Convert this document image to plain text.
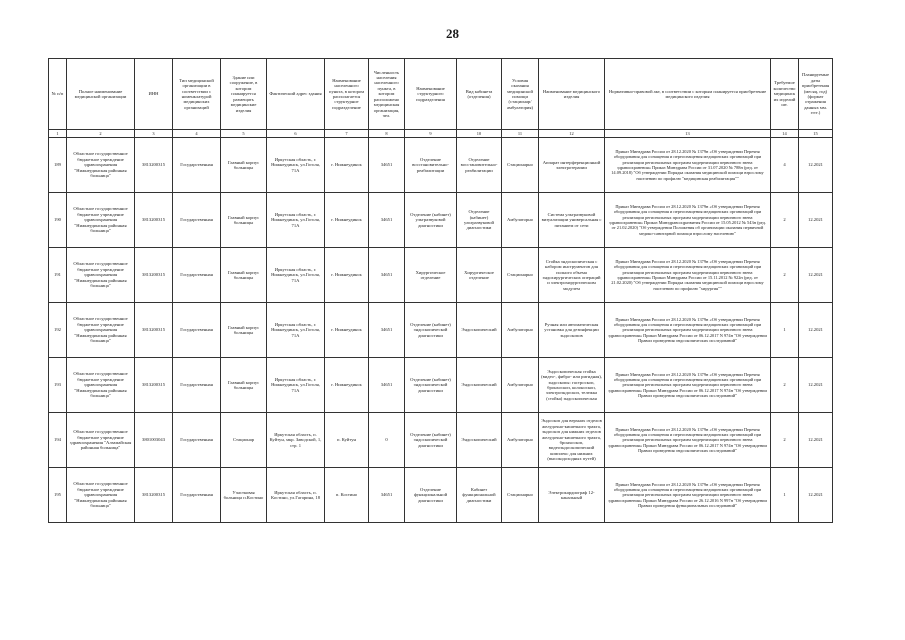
28
№ п/п	Полное наименование медицинской организации	ИНН	Тип медицинской организации в соответствии с номенклатурой медицинских организаций	Здание или сооружение, в котором планируется размещать медицинские изделия	Фактический адрес здания	Наименование населенного пункта, в котором располагается структурное подразделение	Численность населения населенного пункта, в котором расположено медицинская организация, чел.	Наименование структурного подразделения	Вид кабинета (отделения)	Условия оказания медицинской помощи (стационар/амбулатория)	Наименование медицинского изделия	Нормативно-правовой акт, в соответствии с которым планируется приобретение медицинского изделия	Требуемое количество медицинских изделий шт.	Планируемые даты приобретения (месяц, год) (формат отражения данных мм. гггг.)
1	2	3	4	5	6	7	8	9	10	11	12	13	14	15
189	Областное государственное бюджетное учреждение здравоохранения "Нижнеудинская районная больница"	3813200315	Государственная	Главный корпус больницы	Иркутская область, г. Нижнеудинск, ул.Гоголя, 71А	г. Нижнеудинск	34651	Отделение восстановительно-реабилитации	Отделение восстановительно-реабилитации	Стационарно	Аппарат интерференционной электротерапии	Приказ Минздрава России от 28.12.2020 № 1379н «Об утверждении Перечня оборудования для оснащения и переоснащения медицинских организаций при реализации региональных программ модернизации первичного звена здравоохранения» Приказ Минздрава России от 31.07.2020 № 788н (ред. от 14.09.2018) "Об утверждении Порядка оказания медицинской помощи взрослому населению по профилю "медицинская реабилитация""	4	12.2021
190	Областное государственное бюджетное учреждение здравоохранения "Нижнеудинская районная больница"	3813200315	Государственная	Главный корпус больницы	Иркутская область, г. Нижнеудинск, ул.Гоголя, 71А	г. Нижнеудинск	34651	Отделение (кабинет) ультразвуковой диагностики	Отделение (кабинет) ультразвуковой диагностики	Амбулаторно	Система ультразвуковой визуализации универсальная с питанием от сети	Приказ Минздрава России от 28.12.2020 № 1379н «Об утверждении Перечня оборудования для оснащения и переоснащения медицинских организаций при реализации региональных программ модернизации первичного звена здравоохранения» Приказ Минздравсоцразвития России от 15.05.2012 № 543н (ред. от 21.02.2020) "Об утверждении Положения об организации оказания первичной медико-санитарной помощи взрослому населению"	2	12.2021
191	Областное государственное бюджетное учреждение здравоохранения "Нижнеудинская районная больница"	3813200315	Государственная	Главный корпус больницы	Иркутская область, г. Нижнеудинск, ул.Гоголя, 71А	г. Нижнеудинск	34651	Хирургическое отделение	Хирургическое отделение	Стационарно	Стойка эндоскопическая с набором инструментов для полного объема эндохирургических операций и электрохирургическим модулем	Приказ Минздрава России от 28.12.2020 № 1379н «Об утверждении Перечня оборудования для оснащения и переоснащения медицинских организаций при реализации региональных программ модернизации первичного звена здравоохранения» Приказ Минздрава России от 15.11.2012 № 922н (ред. от 21.02.2020) "Об утверждении Порядка оказания медицинской помощи взрослому населению по профилю "хирургия""	2	12.2021
192	Областное государственное бюджетное учреждение здравоохранения "Нижнеудинская районная больница"	3813200315	Государственная	Главный корпус больницы	Иркутская область, г. Нижнеудинск, ул.Гоголя, 71А	г. Нижнеудинск	34651	Отделение (кабинет) эндоскопической диагностики	Эндоскопический	Амбулаторно	Ручная или автоматическая установка для дезинфекции эндоскопов	Приказ Минздрава России от 28.12.2020 № 1379н «Об утверждении Перечня оборудования для оснащения и переоснащения медицинских организаций при реализации региональных программ модернизации первичного звена здравоохранения» Приказ Минздрава России от 06.12.2017 N 974н "Об утверждении Правил проведения эндоскопических исследований"	1	12.2021
193	Областное государственное бюджетное учреждение здравоохранения "Нижнеудинская районная больница"	3813200315	Государственная	Главный корпус больницы	Иркутская область, г. Нижнеудинск, ул.Гоголя, 71А	г. Нижнеудинск	34651	Отделение (кабинет) эндоскопической диагностики	Эндоскопический	Амбулаторно	Эндоскопическая стойка (видео-, фибро- или ригидная), эндоскопы: гастроскоп, бронхоскоп, колоноскоп, электроэндоскоп, тележка (стойка) эндоскопическая	Приказ Минздрава России от 28.12.2020 № 1379н «Об утверждении Перечня оборудования для оснащения и переоснащения медицинских организаций при реализации региональных программ модернизации первичного звена здравоохранения» Приказ Минздрава России от 06.12.2017 N 974н "Об утверждении Правил проведения эндоскопических исследований"	2	12.2021
194	Областное государственное бюджетное учреждение здравоохранения "Алзамайская районная больница"	3801003043	Государственная	Стационар	Иркутская область, п. Куйтун, мкр. Заводской, 1, стр. 1	п. Куйтун	0	Отделение (кабинет) эндоскопической диагностики	Эндоскопический	Амбулаторно	Эндоскоп для верхних отделов желудочно-кишечного тракта, эндоскоп для нижних отделов желудочно-кишечного тракта, бронхоскоп, видеоэндоскопический комплекс для нижних (высокодоходных путей)	Приказ Минздрава России от 28.12.2020 № 1379н «Об утверждении Перечня оборудования для оснащения и переоснащения медицинских организаций при реализации региональных программ модернизации первичного звена здравоохранения» Приказ Минздрава России от 06.12.2017 N 974н "Об утверждении Правил проведения эндоскопических исследований"	2	12.2021
195	Областное государственное бюджетное учреждение здравоохранения "Нижнеудинская районная больница"	3813200315	Государственная	Участковая больница п.Костино	Иркутская область, п. Костино, ул.Гагарина, 18	п. Костино	34651	Отделение функциональной диагностики	Кабинет функциональной диагностики	Стационарно	Электрокардиограф 12-канальный	Приказ Минздрава России от 28.12.2020 № 1379н «Об утверждении Перечня оборудования для оснащения и переоснащения медицинских организаций при реализации региональных программ модернизации первичного звена здравоохранения» Приказ Минздрава России от 26.12.2016 N 997н "Об утверждении Правил проведения функциональных исследований"	1	12.2021
